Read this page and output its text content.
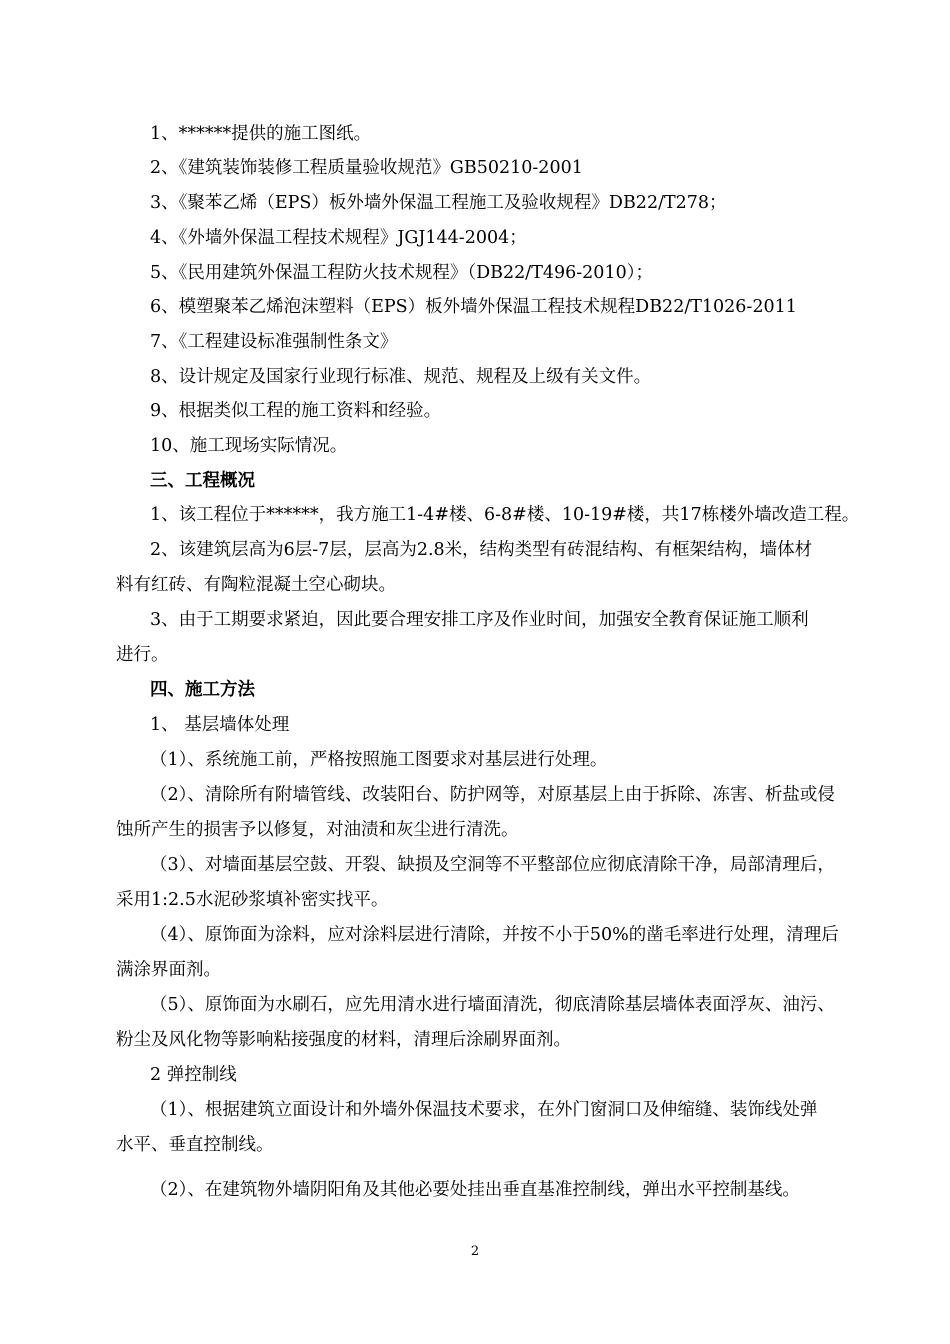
1、******提供的施工图纸。
2、《建筑装饰装修工程质量验收规范》GB50210-2001
3、《聚苯乙烯（EPS）板外墙外保温工程施工及验收规程》DB22/T278；
4、《外墙外保温工程技术规程》JGJ144-2004；
5、《民用建筑外保温工程防火技术规程》（DB22/T496-2010）；
6、模塑聚苯乙烯泡沫塑料（EPS）板外墙外保温工程技术规程DB22/T1026-2011
7、《工程建设标准强制性条文》
8、设计规定及国家行业现行标准、规范、规程及上级有关文件。
9、根据类似工程的施工资料和经验。
10、施工现场实际情况。
三、工程概况
1、该工程位于******，我方施工1-4#楼、6-8#楼、10-19#楼，共17栋楼外墙改造工程。
2、该建筑层高为6层-7层，层高为2.8米，结构类型有砖混结构、有框架结构，墙体材
料有红砖、有陶粒混凝土空心砌块。
3、由于工期要求紧迫，因此要合理安排工序及作业时间，加强安全教育保证施工顺利
进行。
四、施工方法
1、 基层墙体处理
（1）、系统施工前，严格按照施工图要求对基层进行处理。
（2）、清除所有附墙管线、改装阳台、防护网等，对原基层上由于拆除、冻害、析盐或侵
蚀所产生的损害予以修复，对油渍和灰尘进行清洗。
（3）、对墙面基层空鼓、开裂、缺损及空洞等不平整部位应彻底清除干净，局部清理后，
采用1:2.5水泥砂浆填补密实找平。
（4）、原饰面为涂料，应对涂料层进行清除，并按不小于50%的凿毛率进行处理，清理后
满涂界面剂。
（5）、原饰面为水刷石，应先用清水进行墙面清洗，彻底清除基层墙体表面浮灰、油污、
粉尘及风化物等影响粘接强度的材料，清理后涂刷界面剂。
2 弹控制线
（1）、根据建筑立面设计和外墙外保温技术要求，在外门窗洞口及伸缩缝、装饰线处弹
水平、垂直控制线。
（2）、在建筑物外墙阴阳角及其他必要处挂出垂直基准控制线，弹出水平控制基线。
2
